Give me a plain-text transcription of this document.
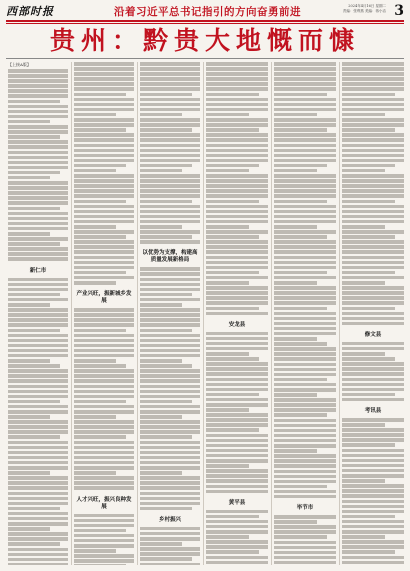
西部时报	沿着习近平总书记指引的方向奋勇前进	2024年4月16日 星期二
责编：张利燕 美编：蒋小洁 3
贵州：黔贵大地慨而慷
【上接A版】
新仁市
产业兴旺，振新城乡发展
人才兴旺，振兴良种发展
以优势为支撑，构建高质量发展新格局
乡村振兴
安龙县
黄平县
毕节市
修文县
考讯县
